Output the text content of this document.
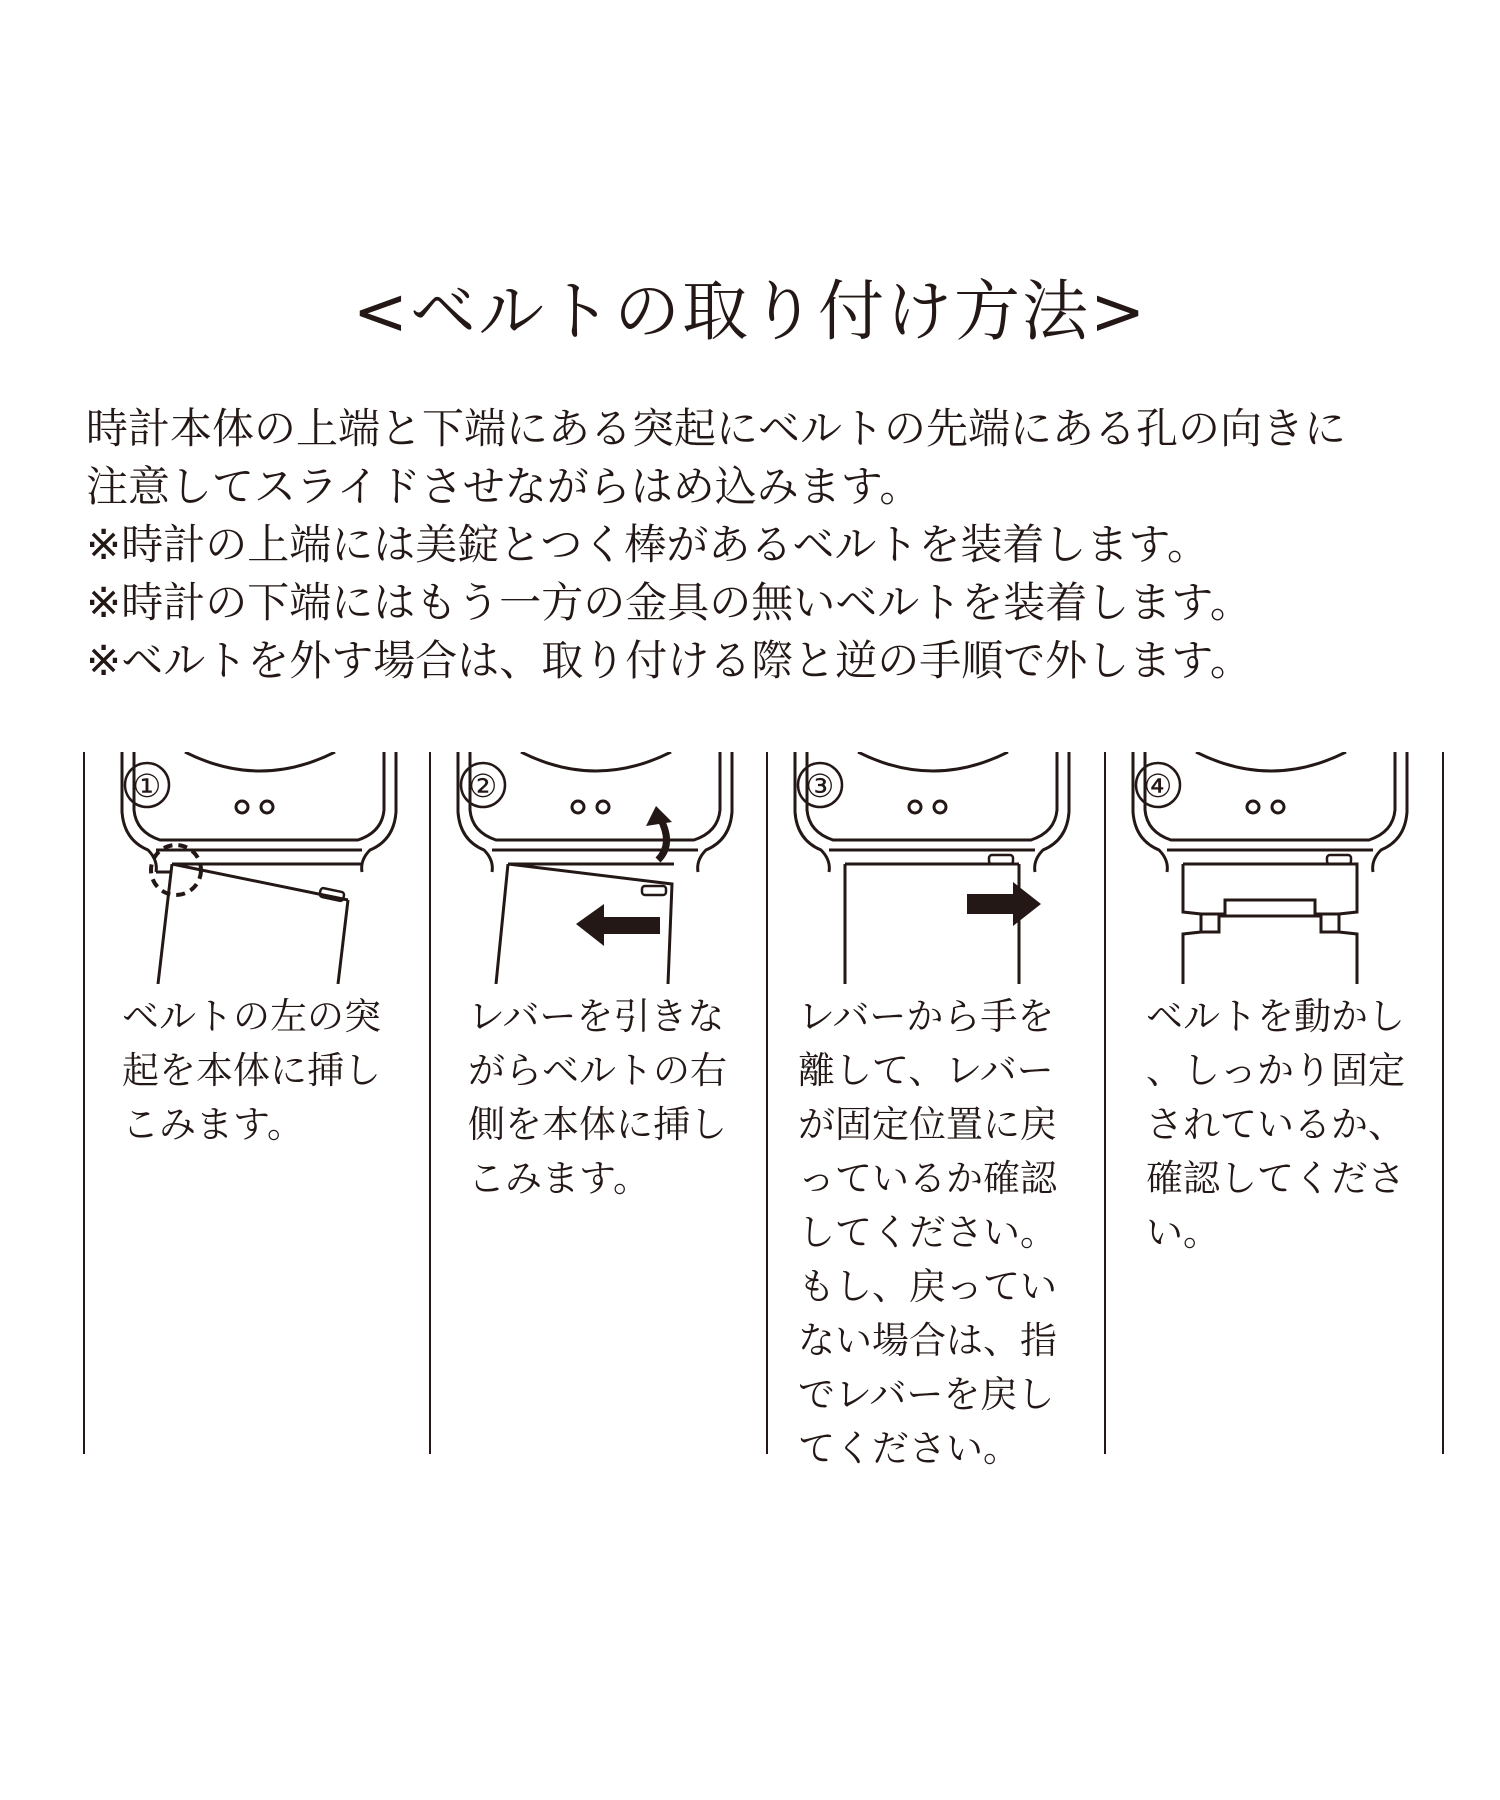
<ベルトの取り付け方法>

時計本体の上端と下端にある突起にベルトの先端にある孔の向きに

注意してスライドさせながらはめ込みます。

※時計の上端には美錠とつく棒があるベルトを装着します。

※時計の下端にはもう一方の金具の無いベルトを装着します。

※ベルトを外す場合は、取り付ける際と逆の手順で外します。

①

ベルトの左の突起を本体に挿しこみます。

②

レバーを引きながらベルトの右側を本体に挿しこみます。

③

レバーから手を離して、レバーが固定位置に戻っているか確認してください。もし、戻っていない場合は、指でレバーを戻してください。

④

ベルトを動かし、しっかり固定されているか、確認してください。
